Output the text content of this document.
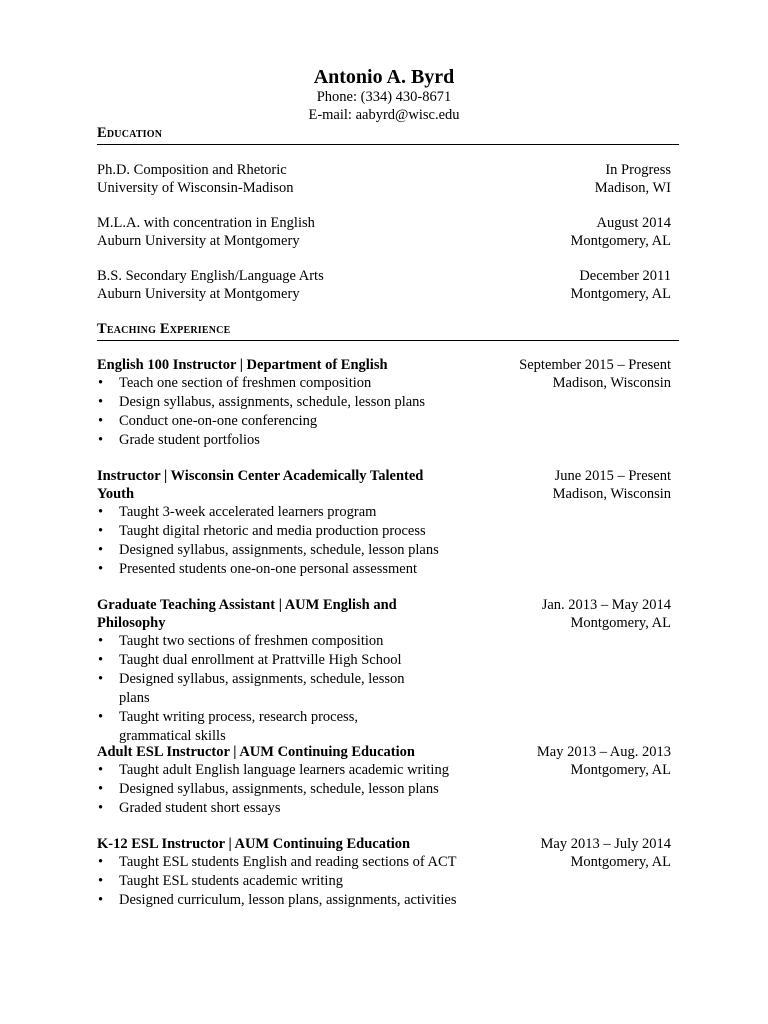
Antonio A. Byrd
Phone: (334) 430-8671
E-mail: aabyrd@wisc.edu
Education
Ph.D. Composition and Rhetoric
University of Wisconsin-Madison
In Progress
Madison, WI
M.L.A. with concentration in English
Auburn University at Montgomery
August 2014
Montgomery, AL
B.S. Secondary English/Language Arts
Auburn University at Montgomery
December 2011
Montgomery, AL
Teaching Experience
English 100 Instructor | Department of English
• Teach one section of freshmen composition
• Design syllabus, assignments, schedule, lesson plans
• Conduct one-on-one conferencing
• Grade student portfolios
September 2015 – Present
Madison, Wisconsin
Instructor | Wisconsin Center Academically Talented Youth
• Taught 3-week accelerated learners program
• Taught digital rhetoric and media production process
• Designed syllabus, assignments, schedule, lesson plans
• Presented students one-on-one personal assessment
June 2015 – Present
Madison, Wisconsin
Graduate Teaching Assistant | AUM English and Philosophy
• Taught two sections of freshmen composition
• Taught dual enrollment at Prattville High School
• Designed syllabus, assignments, schedule, lesson plans
• Taught writing process, research process, grammatical skills
Jan. 2013 – May 2014
Montgomery, AL
Adult ESL Instructor | AUM Continuing Education
• Taught adult English language learners academic writing
• Designed syllabus, assignments, schedule, lesson plans
• Graded student short essays
May 2013 – Aug. 2013
Montgomery, AL
K-12 ESL Instructor | AUM Continuing Education
• Taught ESL students English and reading sections of ACT
• Taught ESL students academic writing
• Designed curriculum, lesson plans, assignments, activities
May 2013 – July 2014
Montgomery, AL
